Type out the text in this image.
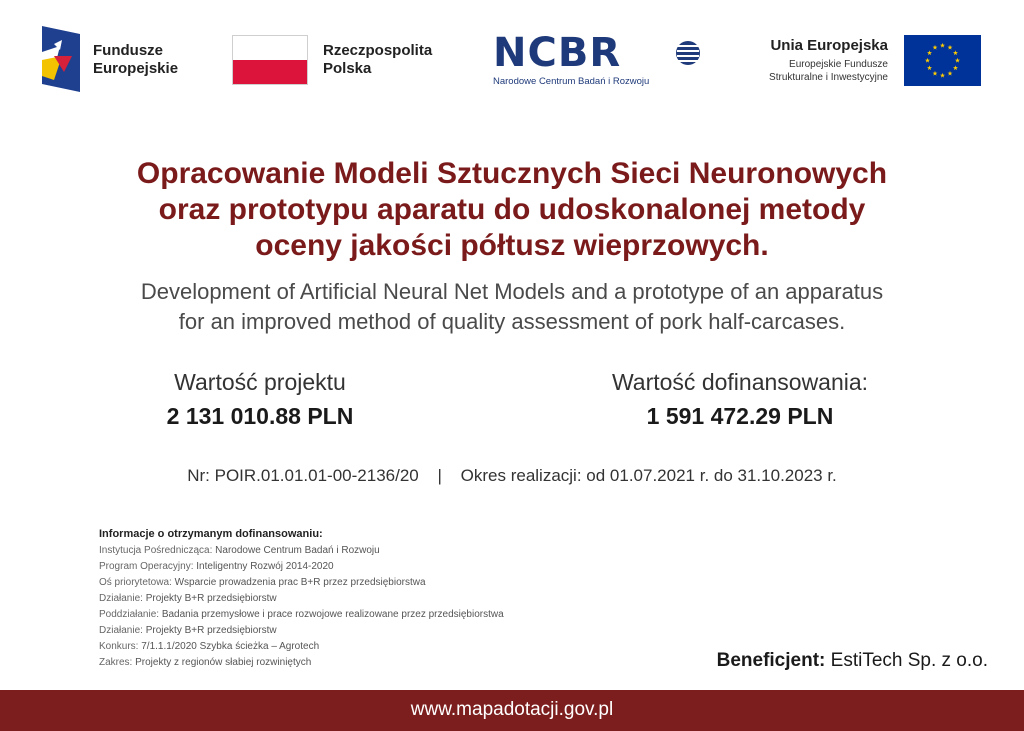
Fundusze
Europejskie
Rzeczpospolita
Polska	NCBR
Narodowe Centrum Badań i Rozwoju
Unia Europejska
Europejskie Fundusze
Strukturalne i Inwestycyjne
Opracowanie Modeli Sztucznych Sieci Neuronowych
oraz prototypu aparatu do udoskonalonej metody
oceny jakości półtusz wieprzowych.
Development of Artificial Neural Net Models and a prototype of an apparatus
for an improved method of quality assessment of pork half-carcases.
Wartość projektu
2 131 010.88 PLN
Wartość dofinansowania:
1 591 472.29 PLN
Nr: POIR.01.01.01-00-2136/20 | Okres realizacji: od 01.07.2021 r. do 31.10.2023 r.
Informacje o otrzymanym dofinansowaniu:
Instytucja Pośrednicząca: Narodowe Centrum Badań i Rozwoju
Program Operacyjny: Inteligentny Rozwój 2014-2020
Oś priorytetowa: Wsparcie prowadzenia prac B+R przez przedsiębiorstwa
Działanie: Projekty B+R przedsiębiorstw
Poddziałanie: Badania przemysłowe i prace rozwojowe realizowane przez przedsiębiorstwa
Działanie: Projekty B+R przedsiębiorstw
Konkurs: 7/1.1.1/2020 Szybka ścieżka – Agrotech
Zakres: Projekty z regionów słabiej rozwiniętych	Beneficjent: EstiTech Sp. z o.o.
www.mapadotacji.gov.pl
